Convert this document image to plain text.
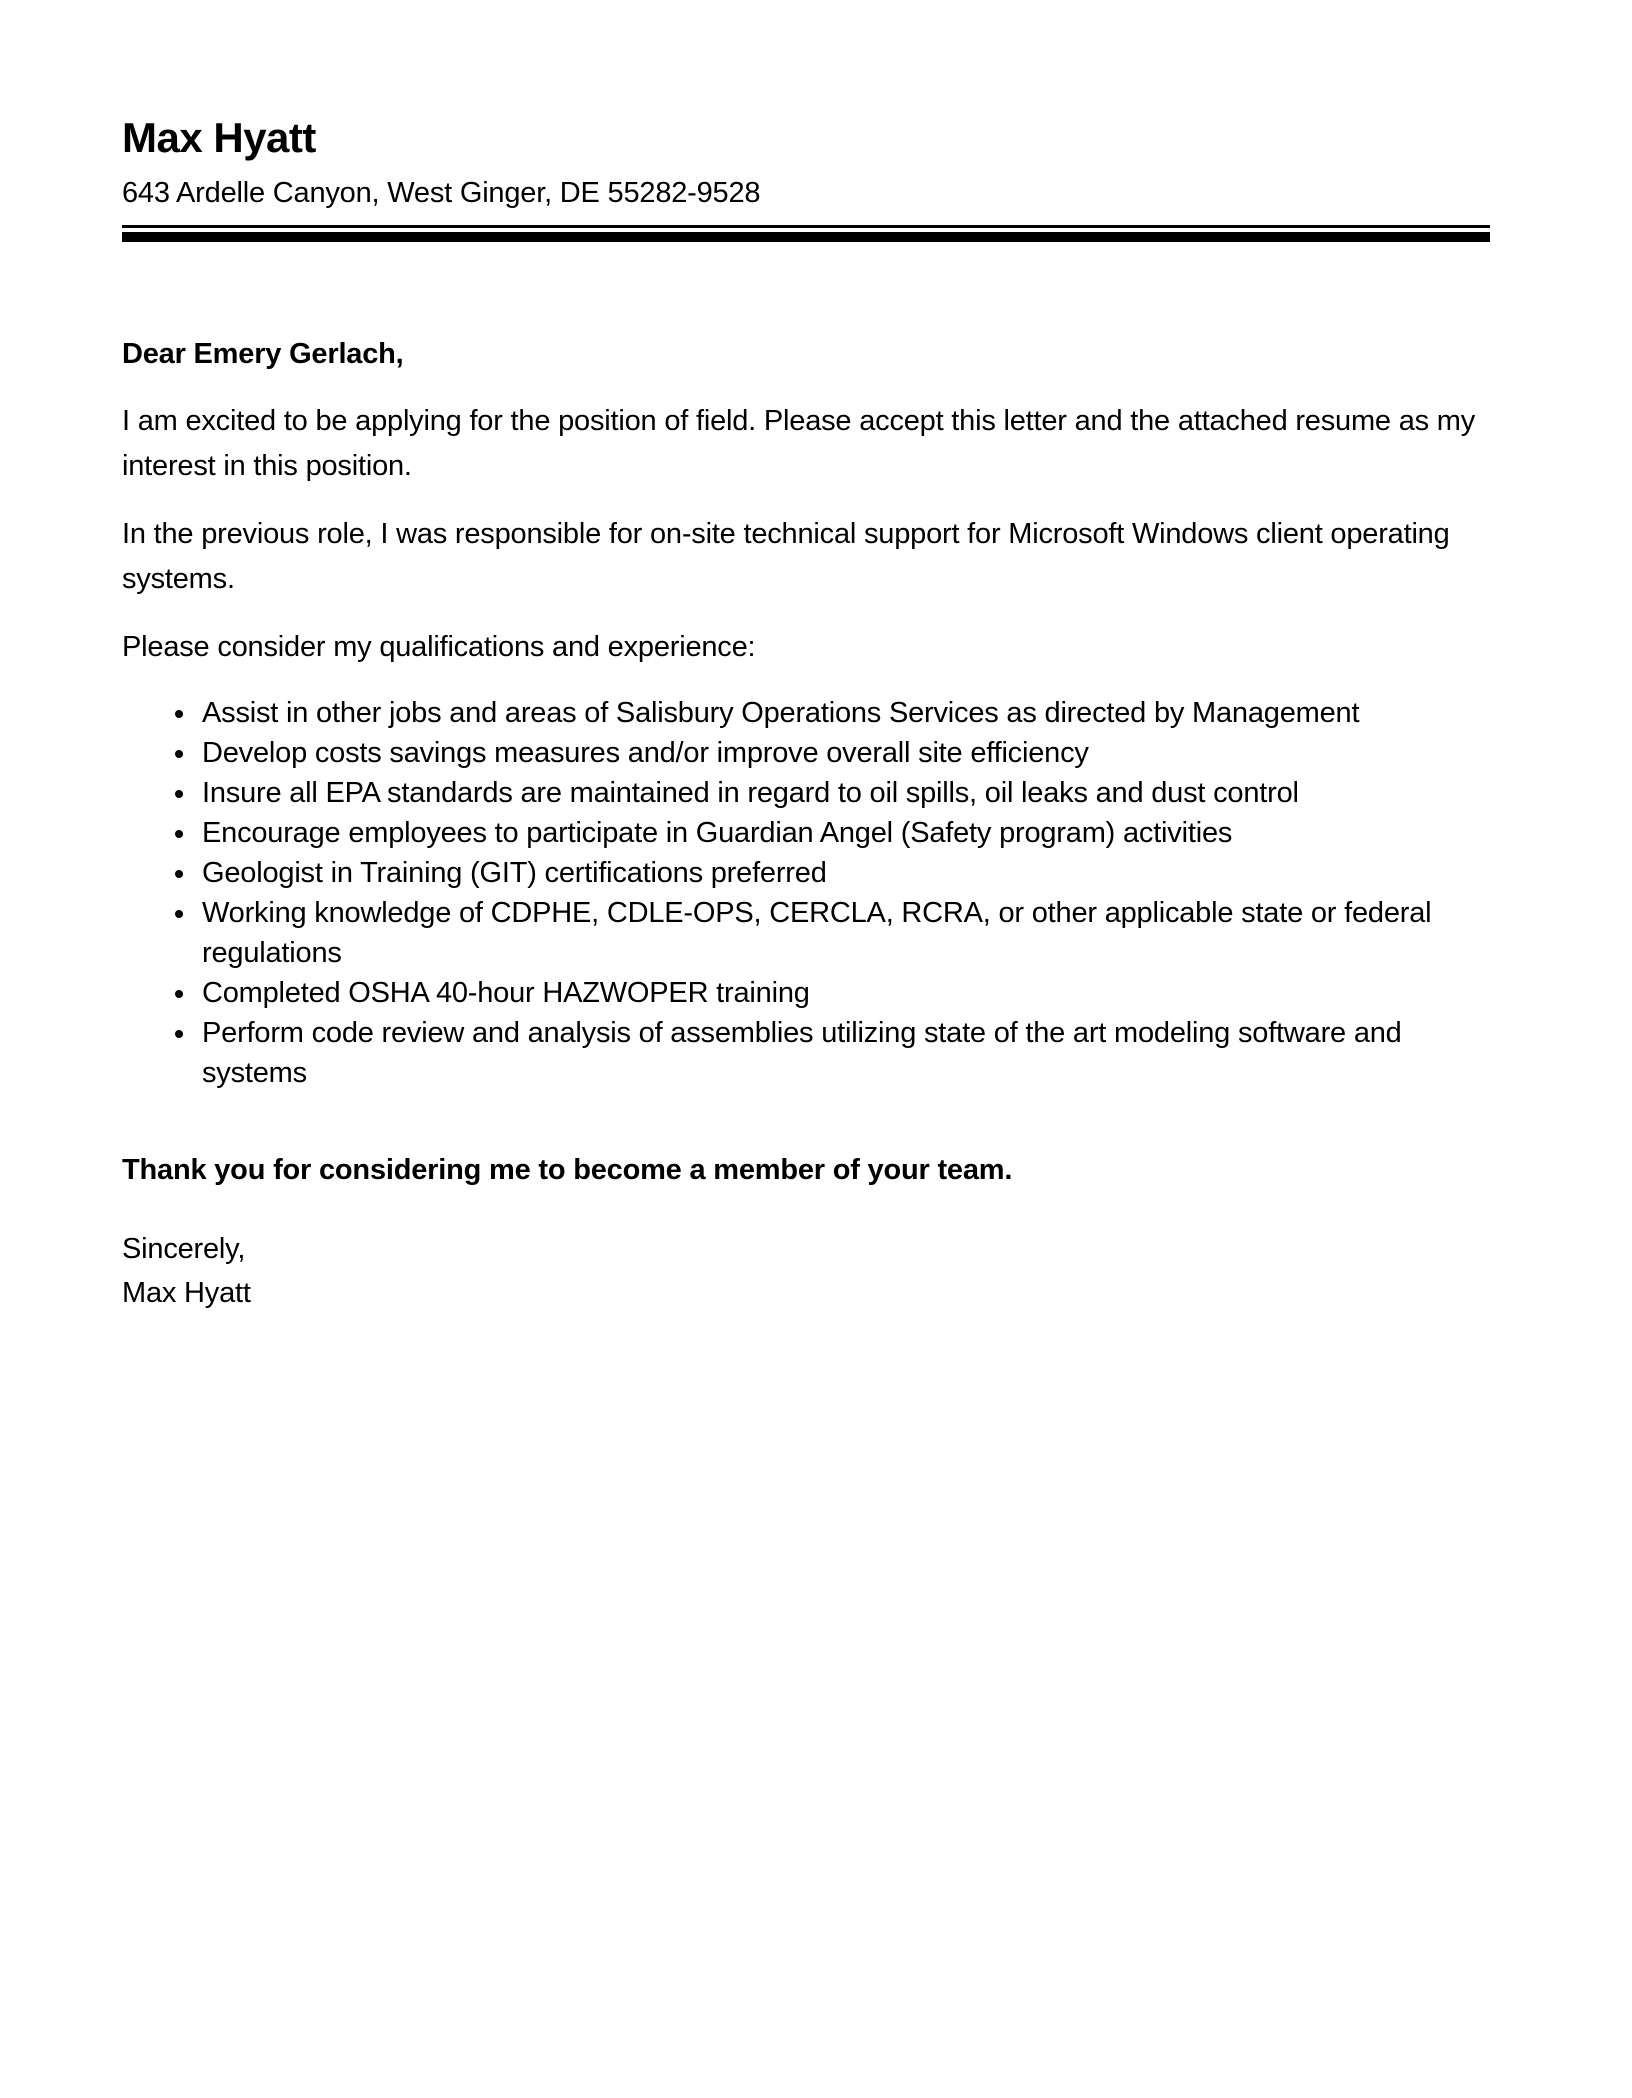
Max Hyatt
643 Ardelle Canyon, West Ginger, DE 55282-9528
Dear Emery Gerlach,

I am excited to be applying for the position of field. Please accept this letter and the attached resume as my interest in this position.

In the previous role, I was responsible for on-site technical support for Microsoft Windows client operating systems.

Please consider my qualifications and experience:

• Assist in other jobs and areas of Salisbury Operations Services as directed by Management
• Develop costs savings measures and/or improve overall site efficiency
• Insure all EPA standards are maintained in regard to oil spills, oil leaks and dust control
• Encourage employees to participate in Guardian Angel (Safety program) activities
• Geologist in Training (GIT) certifications preferred
• Working knowledge of CDPHE, CDLE-OPS, CERCLA, RCRA, or other applicable state or federal regulations
• Completed OSHA 40-hour HAZWOPER training
• Perform code review and analysis of assemblies utilizing state of the art modeling software and systems
Thank you for considering me to become a member of your team.
Sincerely,
Max Hyatt
